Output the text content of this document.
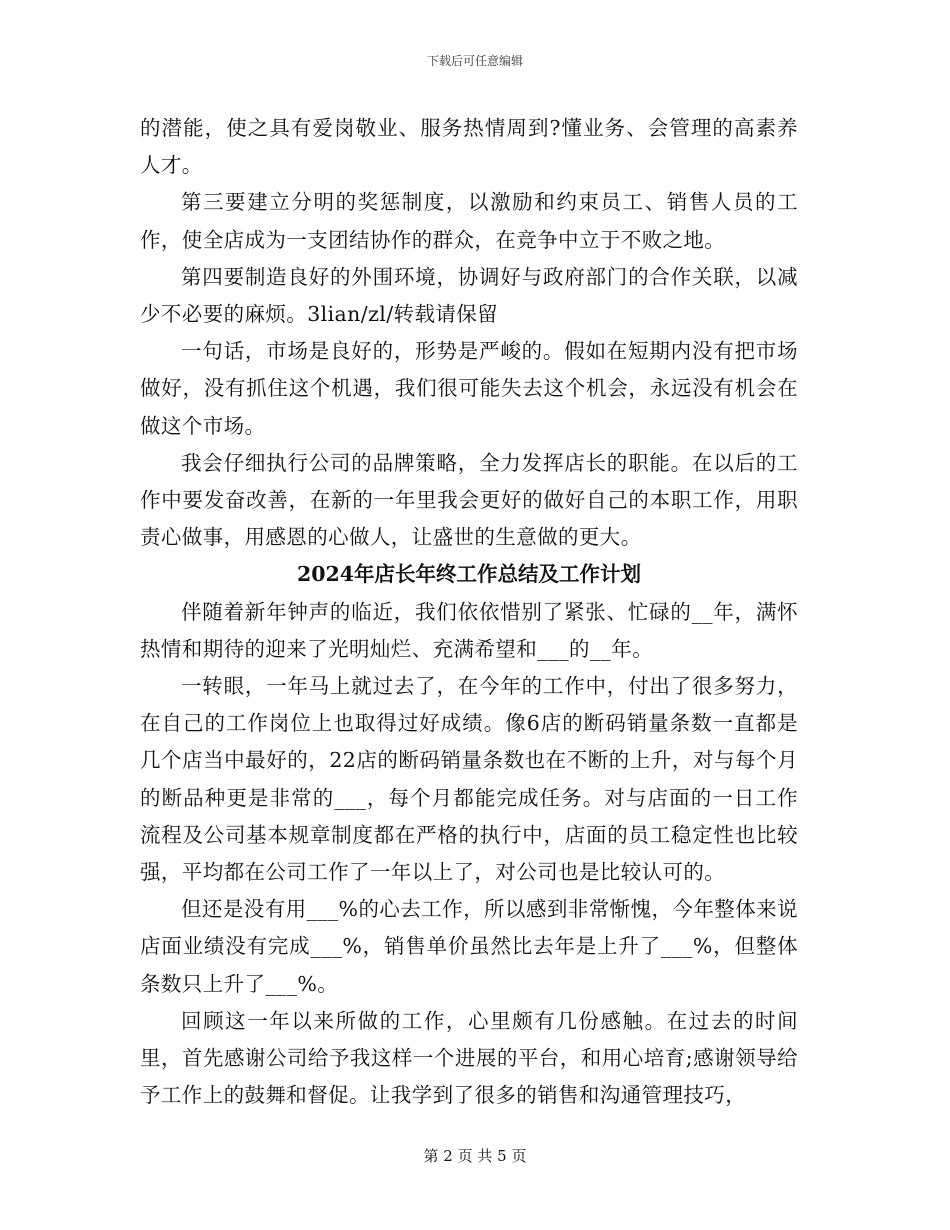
下载后可任意编辑

的潜能，使之具有爱岗敬业、服务热情周到?懂业务、会管理的高素养人才。

第三要建立分明的奖惩制度，以激励和约束员工、销售人员的工作，使全店成为一支团结协作的群众，在竞争中立于不败之地。

第四要制造良好的外围环境，协调好与政府部门的合作关联，以减少不必要的麻烦。3lian/zl/转载请保留

一句话，市场是良好的，形势是严峻的。假如在短期内没有把市场做好，没有抓住这个机遇，我们很可能失去这个机会，永远没有机会在做这个市场。

我会仔细执行公司的品牌策略，全力发挥店长的职能。在以后的工作中要发奋改善，在新的一年里我会更好的做好自己的本职工作，用职责心做事，用感恩的心做人，让盛世的生意做的更大。

2024年店长年终工作总结及工作计划

伴随着新年钟声的临近，我们依依惜别了紧张、忙碌的__年，满怀热情和期待的迎来了光明灿烂、充满希望和___的__年。

一转眼，一年马上就过去了，在今年的工作中，付出了很多努力，在自己的工作岗位上也取得过好成绩。像6店的断码销量条数一直都是几个店当中最好的，22店的断码销量条数也在不断的上升，对与每个月的断品种更是非常的___，每个月都能完成任务。对与店面的一日工作流程及公司基本规章制度都在严格的执行中，店面的员工稳定性也比较强，平均都在公司工作了一年以上了，对公司也是比较认可的。

但还是没有用___%的心去工作，所以感到非常惭愧，今年整体来说店面业绩没有完成___%，销售单价虽然比去年是上升了___%，但整体条数只上升了___%。

回顾这一年以来所做的工作，心里颇有几份感触。在过去的时间里，首先感谢公司给予我这样一个进展的平台，和用心培育;感谢领导给予工作上的鼓舞和督促。让我学到了很多的销售和沟通管理技巧，

第 2 页 共 5 页
